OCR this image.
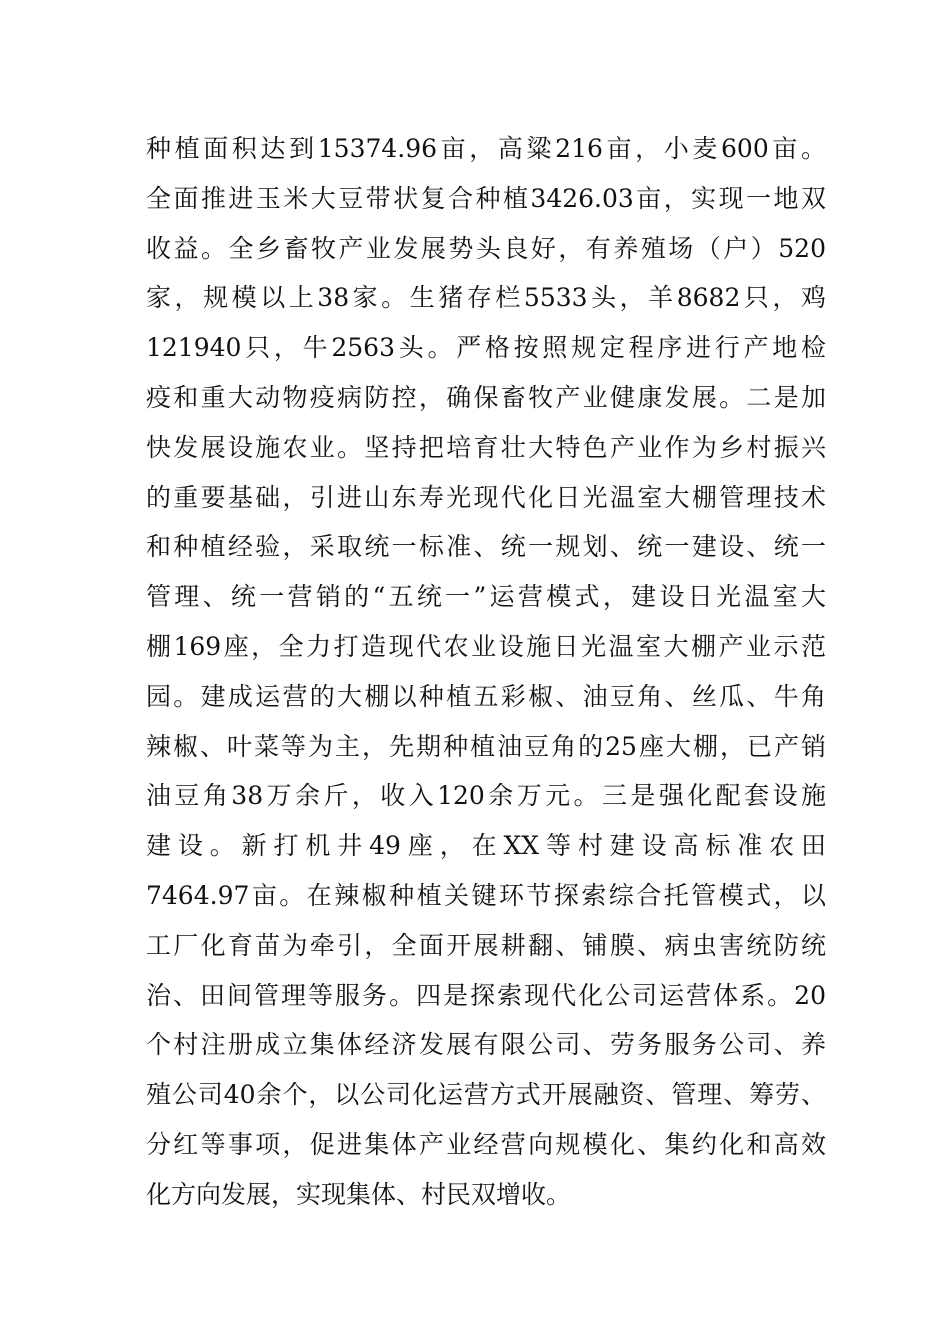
种植面积达到15374.96亩，高粱216亩，小麦600亩。
全面推进玉米大豆带状复合种植3426.03亩，实现一地双
收益。全乡畜牧产业发展势头良好，有养殖场（户）520
家，规模以上38家。生猪存栏5533头，羊8682只，鸡
121940只，牛2563头。严格按照规定程序进行产地检
疫和重大动物疫病防控，确保畜牧产业健康发展。二是加
快发展设施农业。坚持把培育壮大特色产业作为乡村振兴
的重要基础，引进山东寿光现代化日光温室大棚管理技术
和种植经验，采取统一标准、统一规划、统一建设、统一
管理、统一营销的“五统一”运营模式，建设日光温室大
棚169座，全力打造现代农业设施日光温室大棚产业示范
园。建成运营的大棚以种植五彩椒、油豆角、丝瓜、牛角
辣椒、叶菜等为主，先期种植油豆角的25座大棚，已产销
油豆角38万余斤，收入120余万元。三是强化配套设施
建设。新打机井49座，在XX等村建设高标准农田
7464.97亩。在辣椒种植关键环节探索综合托管模式，以
工厂化育苗为牵引，全面开展耕翻、铺膜、病虫害统防统
治、田间管理等服务。四是探索现代化公司运营体系。20
个村注册成立集体经济发展有限公司、劳务服务公司、养
殖公司40余个，以公司化运营方式开展融资、管理、筹劳、
分红等事项，促进集体产业经营向规模化、集约化和高效
化方向发展，实现集体、村民双增收。
